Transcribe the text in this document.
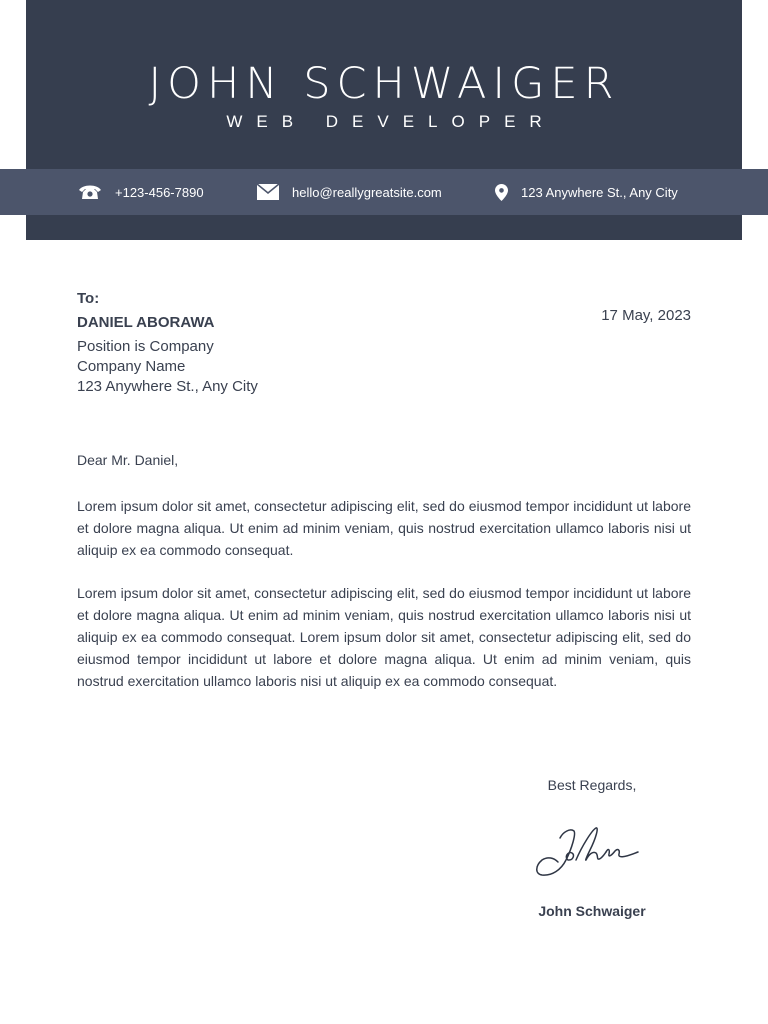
JOHN SCHWAIGER
WEB DEVELOPER
+123-456-7890	hello@reallygreatsite.com	123 Anywhere St., Any City
To:
DANIEL ABORAWA
Position is Company
Company Name
123 Anywhere St., Any City
17 May, 2023
Dear Mr. Daniel,

Lorem ipsum dolor sit amet, consectetur adipiscing elit, sed do eiusmod tempor incididunt ut labore et dolore magna aliqua. Ut enim ad minim veniam, quis nostrud exercitation ullamco laboris nisi ut aliquip ex ea commodo consequat.

Lorem ipsum dolor sit amet, consectetur adipiscing elit, sed do eiusmod tempor incididunt ut labore et dolore magna aliqua. Ut enim ad minim veniam, quis nostrud exercitation ullamco laboris nisi ut aliquip ex ea commodo consequat. Lorem ipsum dolor sit amet, consectetur adipiscing elit, sed do eiusmod tempor incididunt ut labore et dolore magna aliqua. Ut enim ad minim veniam, quis nostrud exercitation ullamco laboris nisi ut aliquip ex ea commodo consequat.

Best Regards,
John Schwaiger
